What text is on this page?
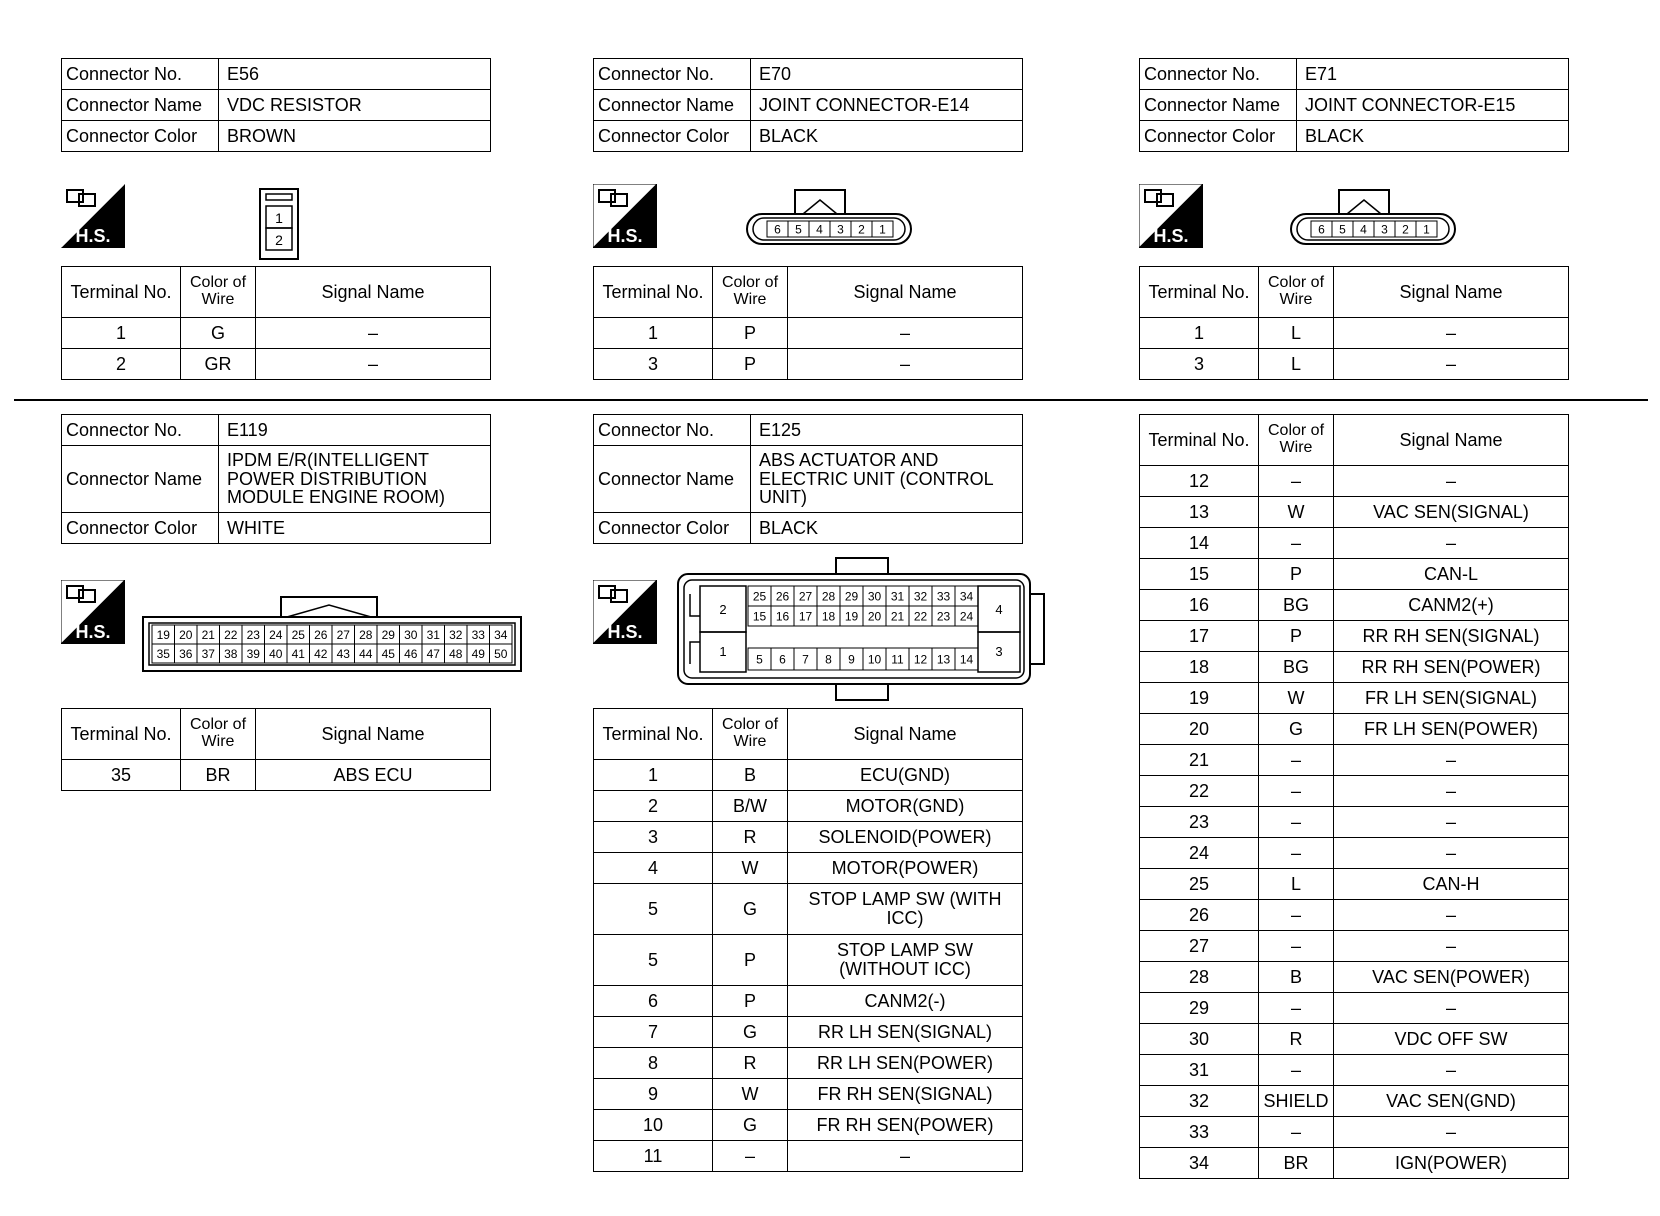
Connector No.	E56
Connector Name	VDC RESISTOR
Connector Color	BROWN
H.S.
1
2
Terminal No.	Color of Wire	Signal Name
1	G	–
2	GR	–
Connector No.	E70
Connector Name	JOINT CONNECTOR-E14
Connector Color	BLACK
H.S.	6 5 4 3 2 1
Terminal No.	Color of Wire	Signal Name
1	P	–
3	P	–
Connector No.	E71
Connector Name	JOINT CONNECTOR-E15
Connector Color	BLACK
H.S.	6 5 4 3 2 1
Terminal No.	Color of Wire	Signal Name
1	L	–
3	L	–
Connector No.	E119
Connector Name	IPDM E/R(INTELLIGENT POWER DISTRIBUTION MODULE ENGINE ROOM)
Connector Color	WHITE
H.S.	19 20 21 22 23 24 25 26 27 28 29 30 31 32 33 34
35 36 37 38 39 40 41 42 43 44 45 46 47 48 49 50
Terminal No.	Color of Wire	Signal Name
35	BR	ABS ECU
Connector No.	E125
Connector Name	ABS ACTUATOR AND ELECTRIC UNIT (CONTROL UNIT)
Connector Color	BLACK
H.S.
2
1
4
3
25 26 27 28 29 30 31 32 33 34
15 16 17 18 19 20 21 22 23 24
5 6 7 8 9 10 11 12 13 14
Terminal No.	Color of Wire	Signal Name
1	B	ECU(GND)
2	B/W	MOTOR(GND)
3	R	SOLENOID(POWER)
4	W	MOTOR(POWER)
5	G	STOP LAMP SW (WITH ICC)
5	P	STOP LAMP SW (WITHOUT ICC)
6	P	CANM2(-)
7	G	RR LH SEN(SIGNAL)
8	R	RR LH SEN(POWER)
9	W	FR RH SEN(SIGNAL)
10	G	FR RH SEN(POWER)
11	–	–
Terminal No.	Color of Wire	Signal Name
12	–	–
13	W	VAC SEN(SIGNAL)
14	–	–
15	P	CAN-L
16	BG	CANM2(+)
17	P	RR RH SEN(SIGNAL)
18	BG	RR RH SEN(POWER)
19	W	FR LH SEN(SIGNAL)
20	G	FR LH SEN(POWER)
21	–	–
22	–	–
23	–	–
24	–	–
25	L	CAN-H
26	–	–
27	–	–
28	B	VAC SEN(POWER)
29	–	–
30	R	VDC OFF SW
31	–	–
32	SHIELD	VAC SEN(GND)
33	–	–
34	BR	IGN(POWER)
